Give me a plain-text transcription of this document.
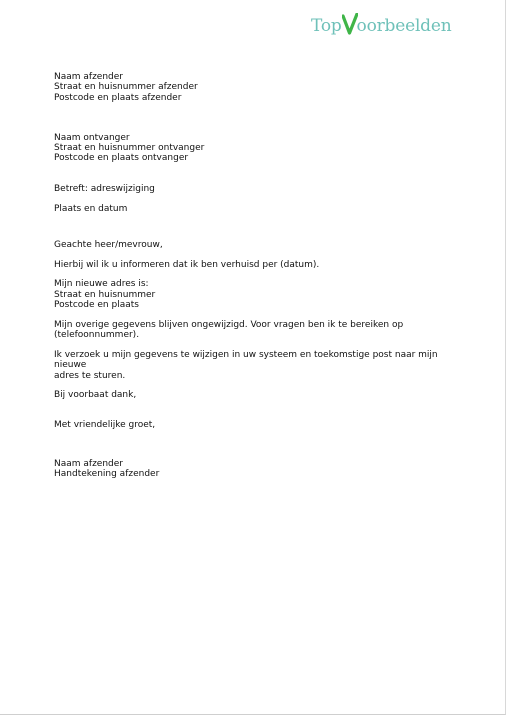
Top oorbeelden

Naam afzender

Straat en huisnummer afzender

Postcode en plaats afzender

Naam ontvanger

Straat en huisnummer ontvanger

Postcode en plaats ontvanger

Betreft: adreswijziging

Plaats en datum

Geachte heer/mevrouw,

Hierbij wil ik u informeren dat ik ben verhuisd per (datum).

Mijn nieuwe adres is:

Straat en huisnummer

Postcode en plaats

Mijn overige gegevens blijven ongewijzigd. Voor vragen ben ik te bereiken op

(telefoonnummer).

Ik verzoek u mijn gegevens te wijzigen in uw systeem en toekomstige post naar mijn nieuwe

adres te sturen.

Bij voorbaat dank,

Met vriendelijke groet,

Naam afzender

Handtekening afzender
